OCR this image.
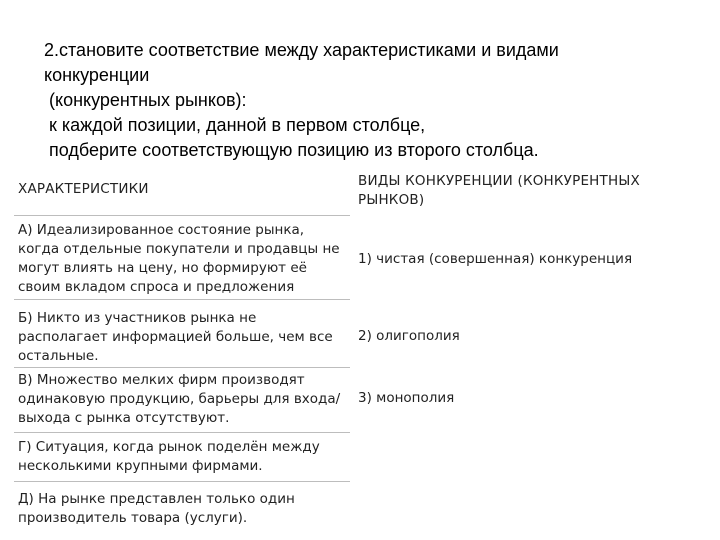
2.становите соответствие между характеристиками и видами
конкуренции
(конкурентных рынков):
к каждой позиции, данной в первом столбце,
подберите соответствующую позицию из второго столбца.
ХАРАКТЕРИСТИКИ	ВИДЫ КОНКУРЕНЦИИ (КОНКУРЕНТНЫХ РЫНКОВ)

А) Идеализированное состояние рынка, когда отдельные покупатели и продавцы не могут влиять на цену, но формируют её своим вкладом спроса и предложения

Б) Никто из участников рынка не располагает информацией больше, чем все остальные.

В) Множество мелких фирм производят одинаковую продукцию, барьеры для входа/выхода с рынка отсутствуют.

Г) Ситуация, когда рынок поделён между несколькими крупными фирмами.

Д) На рынке представлен только один производитель товара (услуги).

1) чистая (совершенная) конкуренция

2) олигополия

3) монополия
